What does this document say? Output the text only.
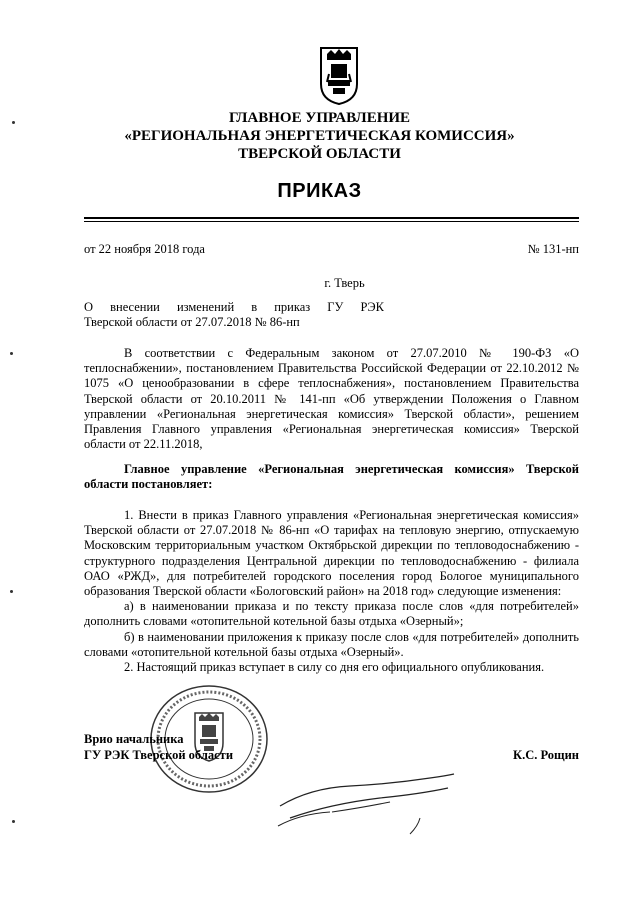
ГЛАВНОЕ УПРАВЛЕНИЕ
«РЕГИОНАЛЬНАЯ ЭНЕРГЕТИЧЕСКАЯ КОМИССИЯ»
ТВЕРСКОЙ ОБЛАСТИ
ПРИКАЗ
от 22 ноября 2018 года	№ 131-нп
г. Тверь
О внесении изменений в приказ ГУ РЭК
Тверской области от 27.07.2018 № 86-нп

В соответствии с Федеральным законом от 27.07.2010 № 190-ФЗ «О теплоснабжении», постановлением Правительства Российской Федерации от 22.10.2012 № 1075 «О ценообразовании в сфере теплоснабжения», постановлением Правительства Тверской области от 20.10.2011 № 141-пп «Об утверждении Положения о Главном управлении «Региональная энергетическая комиссия» Тверской области», решением Правления Главного управления «Региональная энергетическая комиссия» Тверской области от 22.11.2018,

Главное управление «Региональная энергетическая комиссия» Тверской области постановляет:

1. Внести в приказ Главного управления «Региональная энергетическая комиссия» Тверской области от 27.07.2018 № 86-нп «О тарифах на тепловую энергию, отпускаемую Московским территориальным участком Октябрьской дирекции по тепловодоснабжению - структурного подразделения Центральной дирекции по тепловодоснабжению - филиала ОАО «РЖД», для потребителей городского поселения город Бологое муниципального образования Тверской области «Бологовский район» на 2018 год» следующие изменения:

а) в наименовании приказа и по тексту приказа после слов «для потребителей» дополнить словами «отопительной котельной базы отдыха «Озерный»;

б) в наименовании приложения к приказу после слов «для потребителей» дополнить словами «отопительной котельной базы отдыха «Озерный».

2. Настоящий приказ вступает в силу со дня его официального опубликования.

Врио начальника
ГУ РЭК Тверской области	К.С. Рощин
